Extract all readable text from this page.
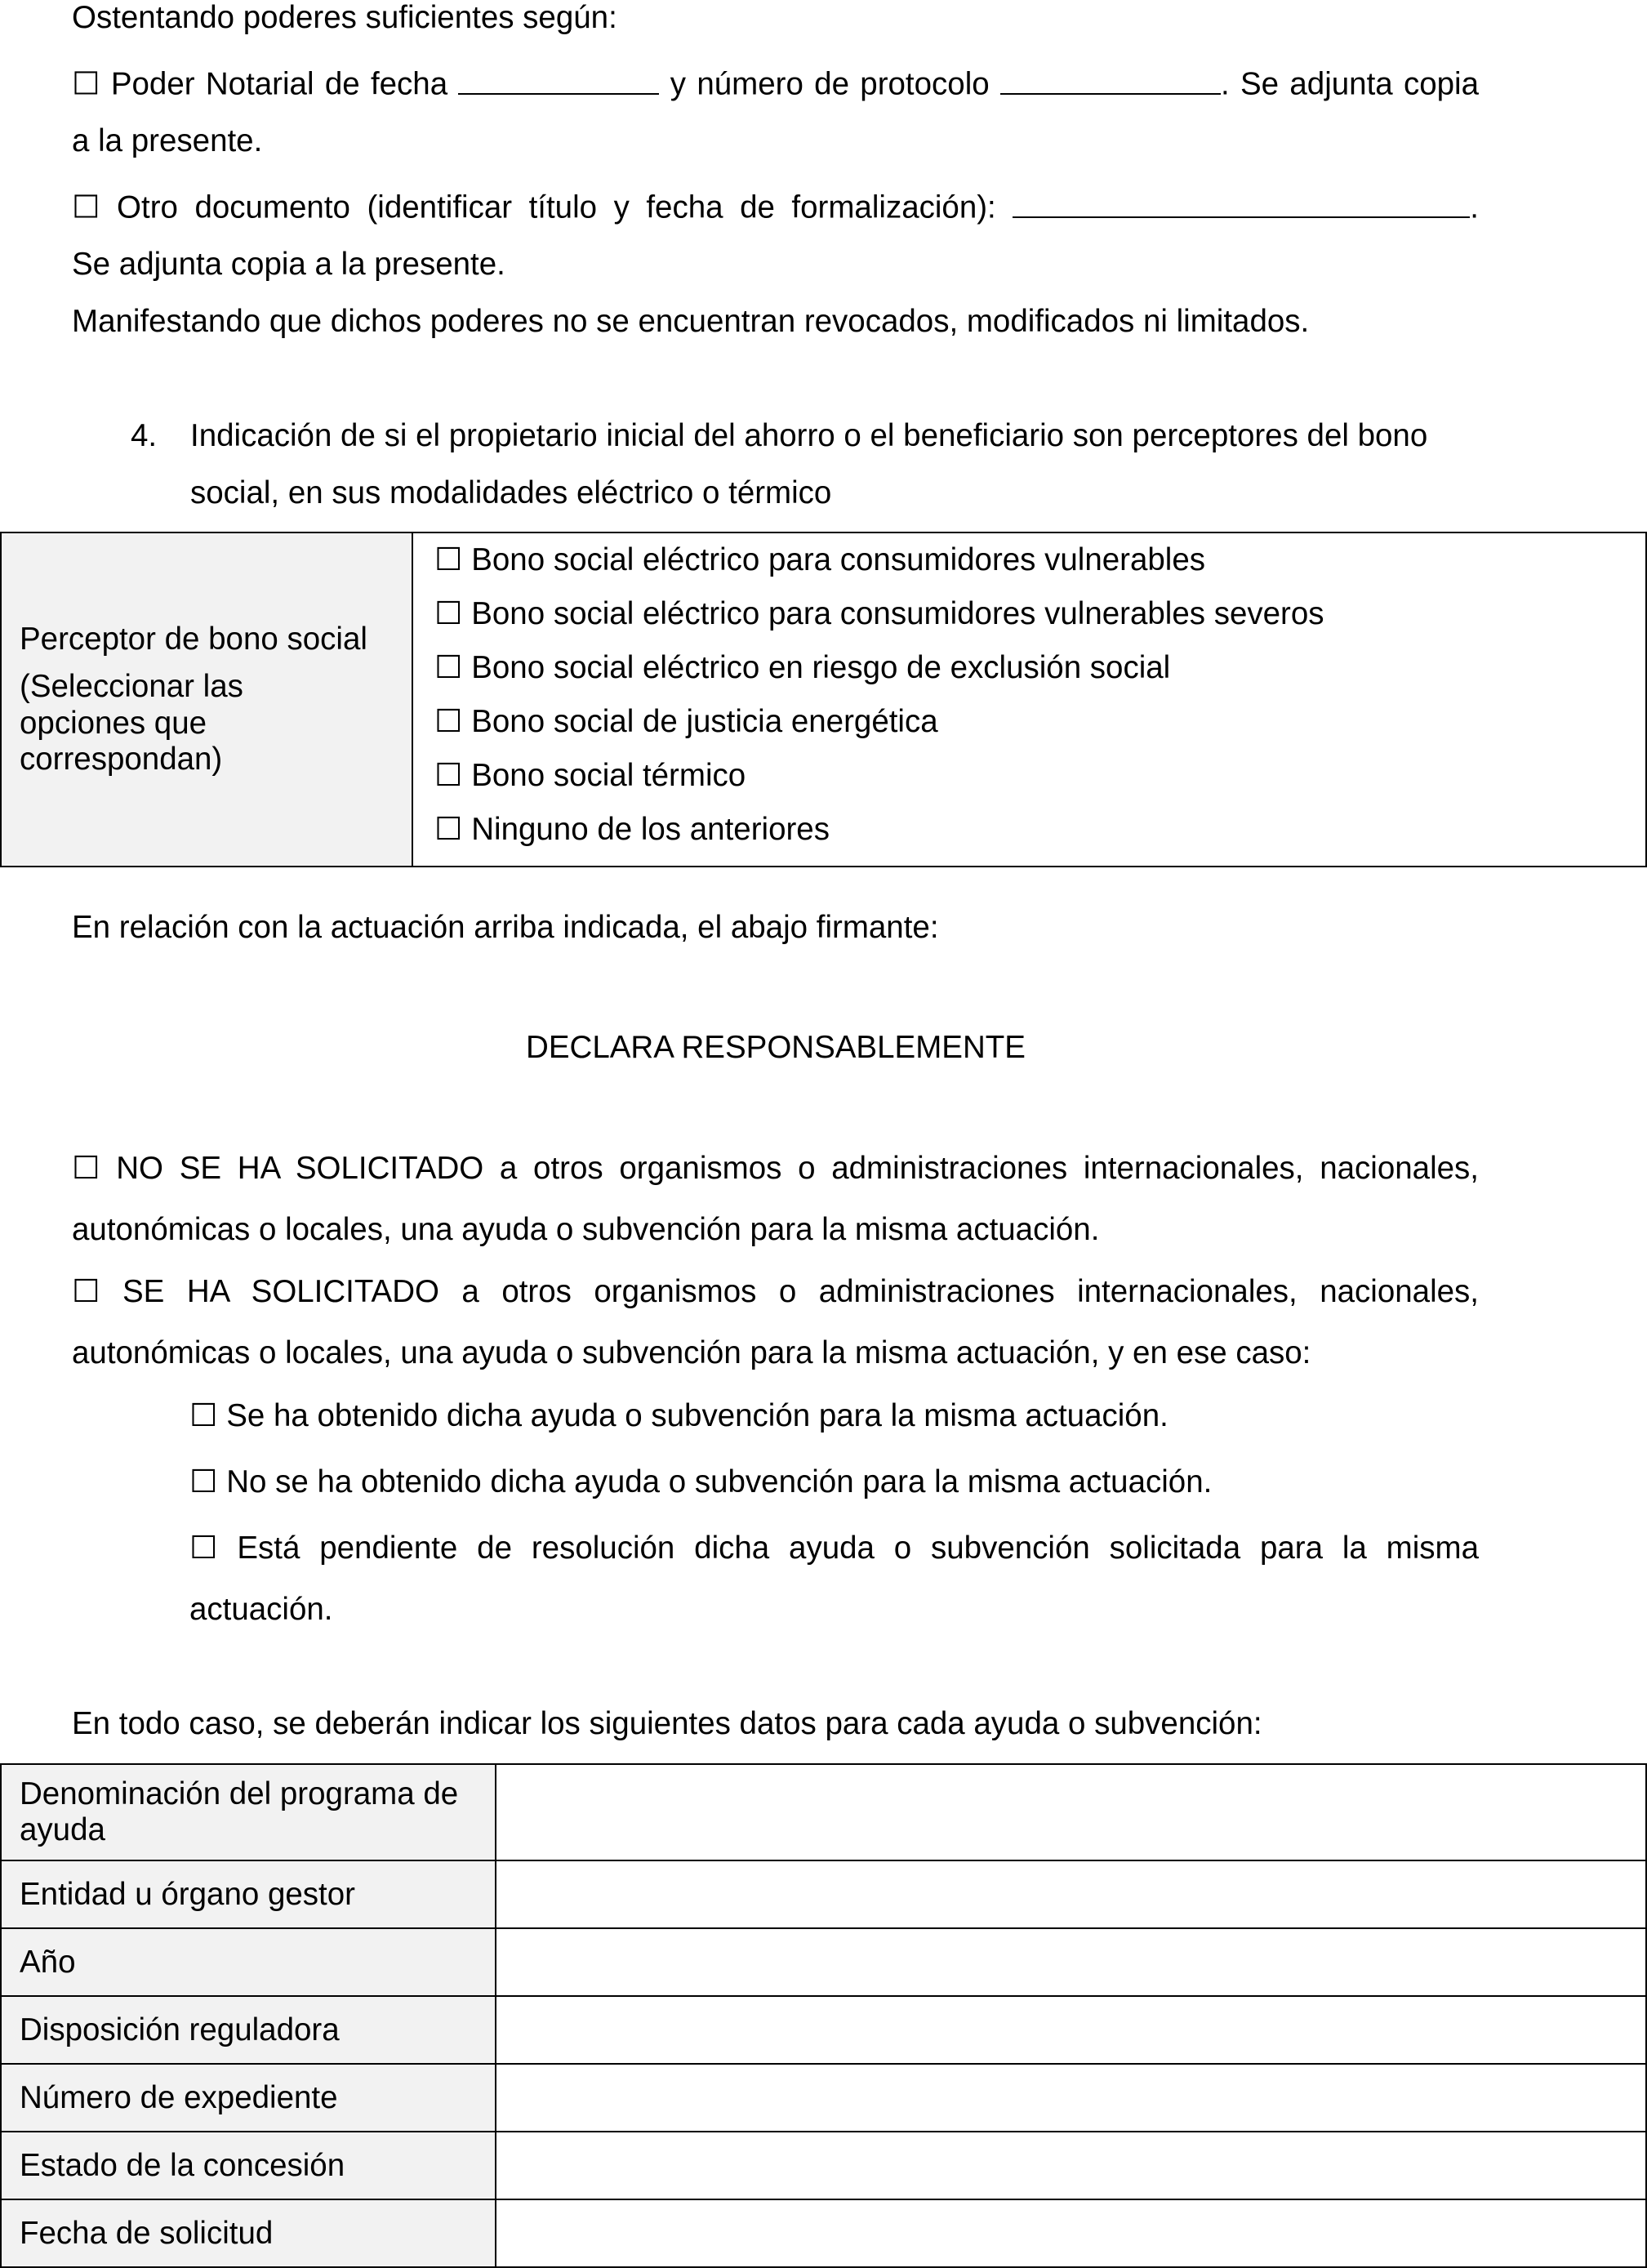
Ostentando poderes suficientes según:

☐ Poder Notarial de fecha	y número de protocolo	. Se adjunta copia

a la presente.

☐ Otro documento (identificar título y fecha de formalización):	.

Se adjunta copia a la presente.

Manifestando que dichos poderes no se encuentran revocados, modificados ni limitados.

4. Indicación de si el propietario inicial del ahorro o el beneficiario son perceptores del bono

social, en sus modalidades eléctrico o térmico

Perceptor de bono social
(Seleccionar las opciones que correspondan)

☐ Bono social eléctrico para consumidores vulnerables
☐ Bono social eléctrico para consumidores vulnerables severos
☐ Bono social eléctrico en riesgo de exclusión social
☐ Bono social de justicia energética
☐ Bono social térmico
☐ Ninguno de los anteriores

En relación con la actuación arriba indicada, el abajo firmante:

DECLARA RESPONSABLEMENTE

☐ NO SE HA SOLICITADO a otros organismos o administraciones internacionales, nacionales,

autonómicas o locales, una ayuda o subvención para la misma actuación.

☐ SE HA SOLICITADO a otros organismos o administraciones internacionales, nacionales,

autonómicas o locales, una ayuda o subvención para la misma actuación, y en ese caso:

☐ Se ha obtenido dicha ayuda o subvención para la misma actuación.

☐ No se ha obtenido dicha ayuda o subvención para la misma actuación.

☐ Está pendiente de resolución dicha ayuda o subvención solicitada para la misma

actuación.

En todo caso, se deberán indicar los siguientes datos para cada ayuda o subvención:

Denominación del programa de ayuda	
Entidad u órgano gestor	
Año	
Disposición reguladora	
Número de expediente	
Estado de la concesión	
Fecha de solicitud	
